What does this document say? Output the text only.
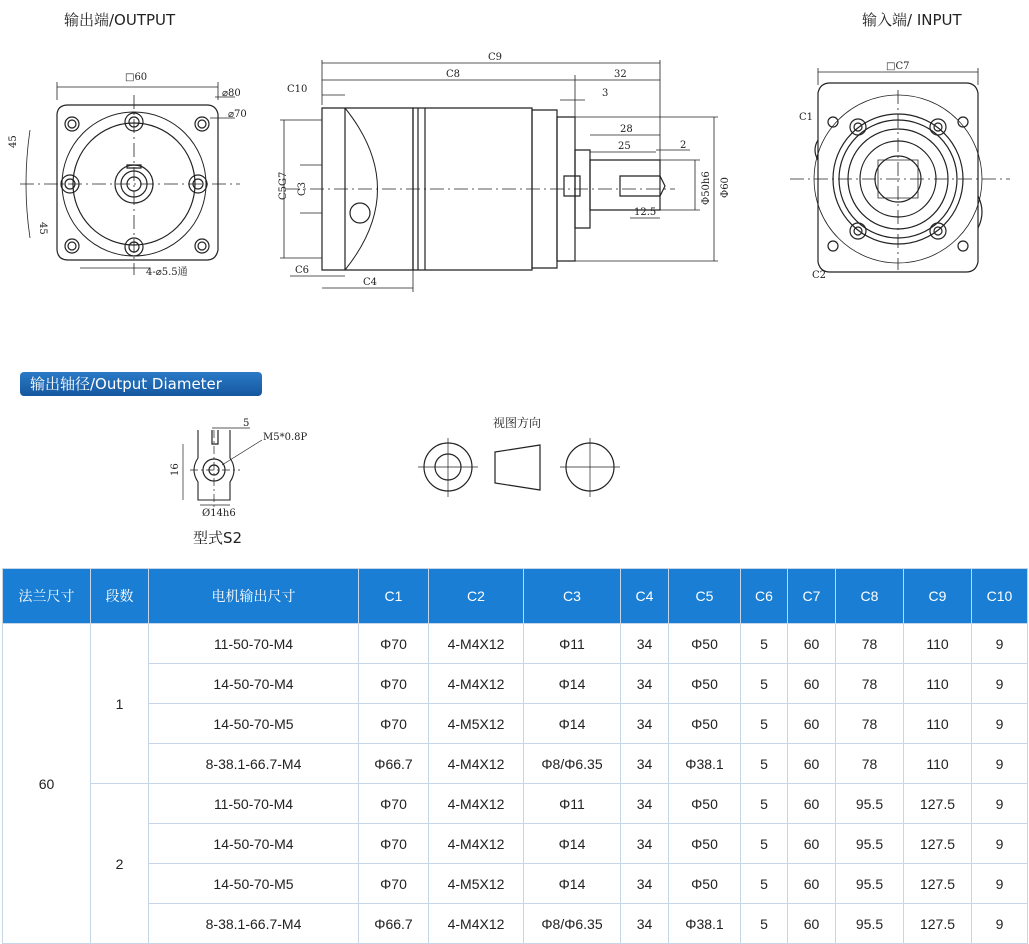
输出端/OUTPUT	输入端/ INPUT
□60
⌀80
⌀70
45
45
4-⌀5.5通
C9
C8
C10
32
3
28
25	2
C5G7 C3	Φ50h6 Φ60
12.5
C6
C4
□C7
C1
C2
5
M5*0.8P
16
Ø14h6
输出轴径/Output Diameter
视图方向
型式S2
法兰尺寸	段数	电机输出尺寸	C1	C2	C3	C4	C5	C6	C7	C8	C9	C10
60	1	11-50-70-M4	Φ70	4-M4X12	Φ11	34	Φ50	5	60	78	110	9
		14-50-70-M4	Φ70	4-M4X12	Φ14	34	Φ50	5	60	78	110	9
		14-50-70-M5	Φ70	4-M5X12	Φ14	34	Φ50	5	60	78	110	9
		8-38.1-66.7-M4	Φ66.7	4-M4X12	Φ8/Φ6.35	34	Φ38.1	5	60	78	110	9
	2	11-50-70-M4	Φ70	4-M4X12	Φ11	34	Φ50	5	60	95.5	127.5	9
		14-50-70-M4	Φ70	4-M4X12	Φ14	34	Φ50	5	60	95.5	127.5	9
		14-50-70-M5	Φ70	4-M5X12	Φ14	34	Φ50	5	60	95.5	127.5	9
		8-38.1-66.7-M4	Φ66.7	4-M4X12	Φ8/Φ6.35	34	Φ38.1	5	60	95.5	127.5	9
